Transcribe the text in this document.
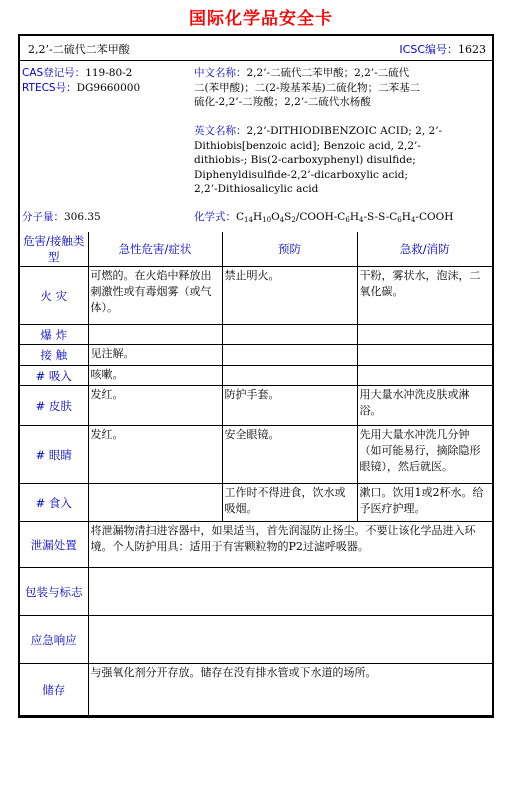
国际化学品安全卡
2,2’-二硫代二苯甲酸	ICSC编号：1623
CAS登记号：119-80-2
RTECS号：DG9660000
中文名称：2,2’-二硫代二苯甲酸；2,2’-二硫代
二(苯甲酸)；二(2-羧基苯基)二硫化物；二苯基二
硫化-2,2’-二羧酸；2,2’-二硫代水杨酸
英文名称：2,2’-DITHIODIBENZOIC ACID; 2, 2’-
Dithiobis[benzoic acid]; Benzoic acid, 2,2’-
dithiobis-; Bis(2-carboxyphenyl) disulfide;
Diphenyldisulfide-2,2’-dicarboxylic acid;
2,2’-Dithiosalicylic acid
分子量：306.35	化学式：$C_{14}H_{10}O_4S_2/COOH-C_6H_4-S-S-C_6H_4$-COOH
危害/接触类型	急性危害/症状	预防	急救/消防
火 灾	可燃的。在火焰中释放出刺激性或有毒烟雾（或气体）。	禁止明火。	干粉，雾状水，泡沫，二氧化碳。
爆 炸			
接 触	见注解。		
# 吸入	咳嗽。		
# 皮肤	发红。	防护手套。	用大量水冲洗皮肤或淋浴。
# 眼睛	发红。	安全眼镜。	先用大量水冲洗几分钟（如可能易行，摘除隐形眼镜），然后就医。
# 食入		工作时不得进食，饮水或吸烟。	漱口。饮用1或2杯水。给予医疗护理。
泄漏处置	将泄漏物清扫进容器中，如果适当，首先润湿防止扬尘。不要让该化学品进入环境。个人防护用具：适用于有害颗粒物的P2过滤呼吸器。		
包装与标志			
应急响应			
储存	与强氧化剂分开存放。储存在没有排水管或下水道的场所。		
